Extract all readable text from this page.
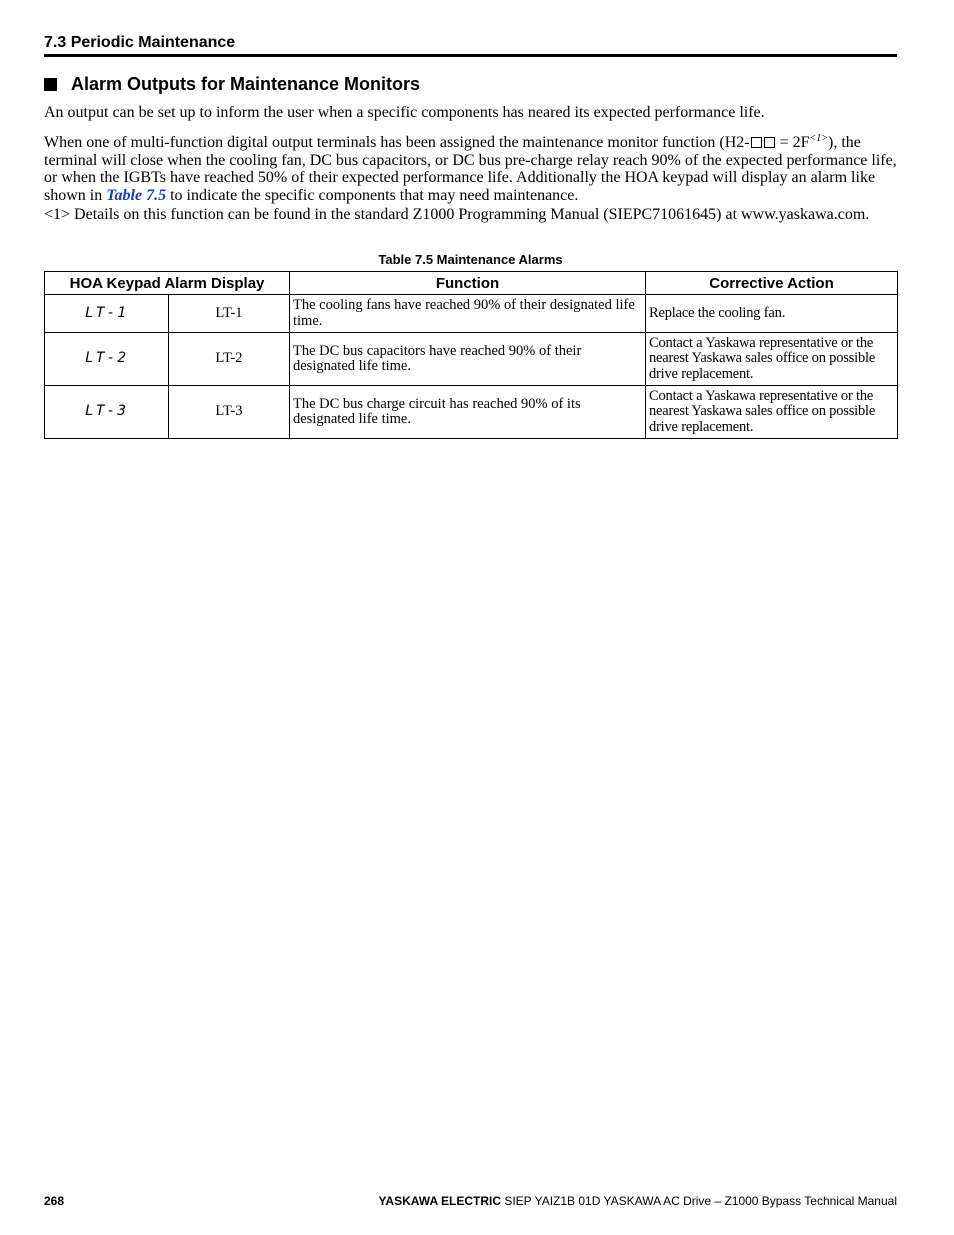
7.3 Periodic Maintenance
Alarm Outputs for Maintenance Monitors
An output can be set up to inform the user when a specific components has neared its expected performance life.
When one of multi-function digital output terminals has been assigned the maintenance monitor function $(H2- = 2F^{<1>})$, the terminal will close when the cooling fan, DC bus capacitors, or DC bus pre-charge relay reach 90% of the expected performance life, or when the IGBTs have reached 50% of their expected performance life. Additionally the HOA keypad will display an alarm like shown in Table 7.5 to indicate the specific components that may need maintenance.
<1> Details on this function can be found in the standard Z1000 Programming Manual (SIEPC71061645) at www.yaskawa.com.
Table 7.5 Maintenance Alarms
HOA Keypad Alarm Display		Function	Corrective Action
LT-1	LT-1	The cooling fans have reached 90% of their designated life time.	Replace the cooling fan.
LT-2	LT-2	The DC bus capacitors have reached 90% of their designated life time.	Contact a Yaskawa representative or the nearest Yaskawa sales office on possible drive replacement.
LT-3	LT-3	The DC bus charge circuit has reached 90% of its designated life time.	Contact a Yaskawa representative or the nearest Yaskawa sales office on possible drive replacement.
268	YASKAWA ELECTRIC SIEP YAIZ1B 01D YASKAWA AC Drive – Z1000 Bypass Technical Manual
